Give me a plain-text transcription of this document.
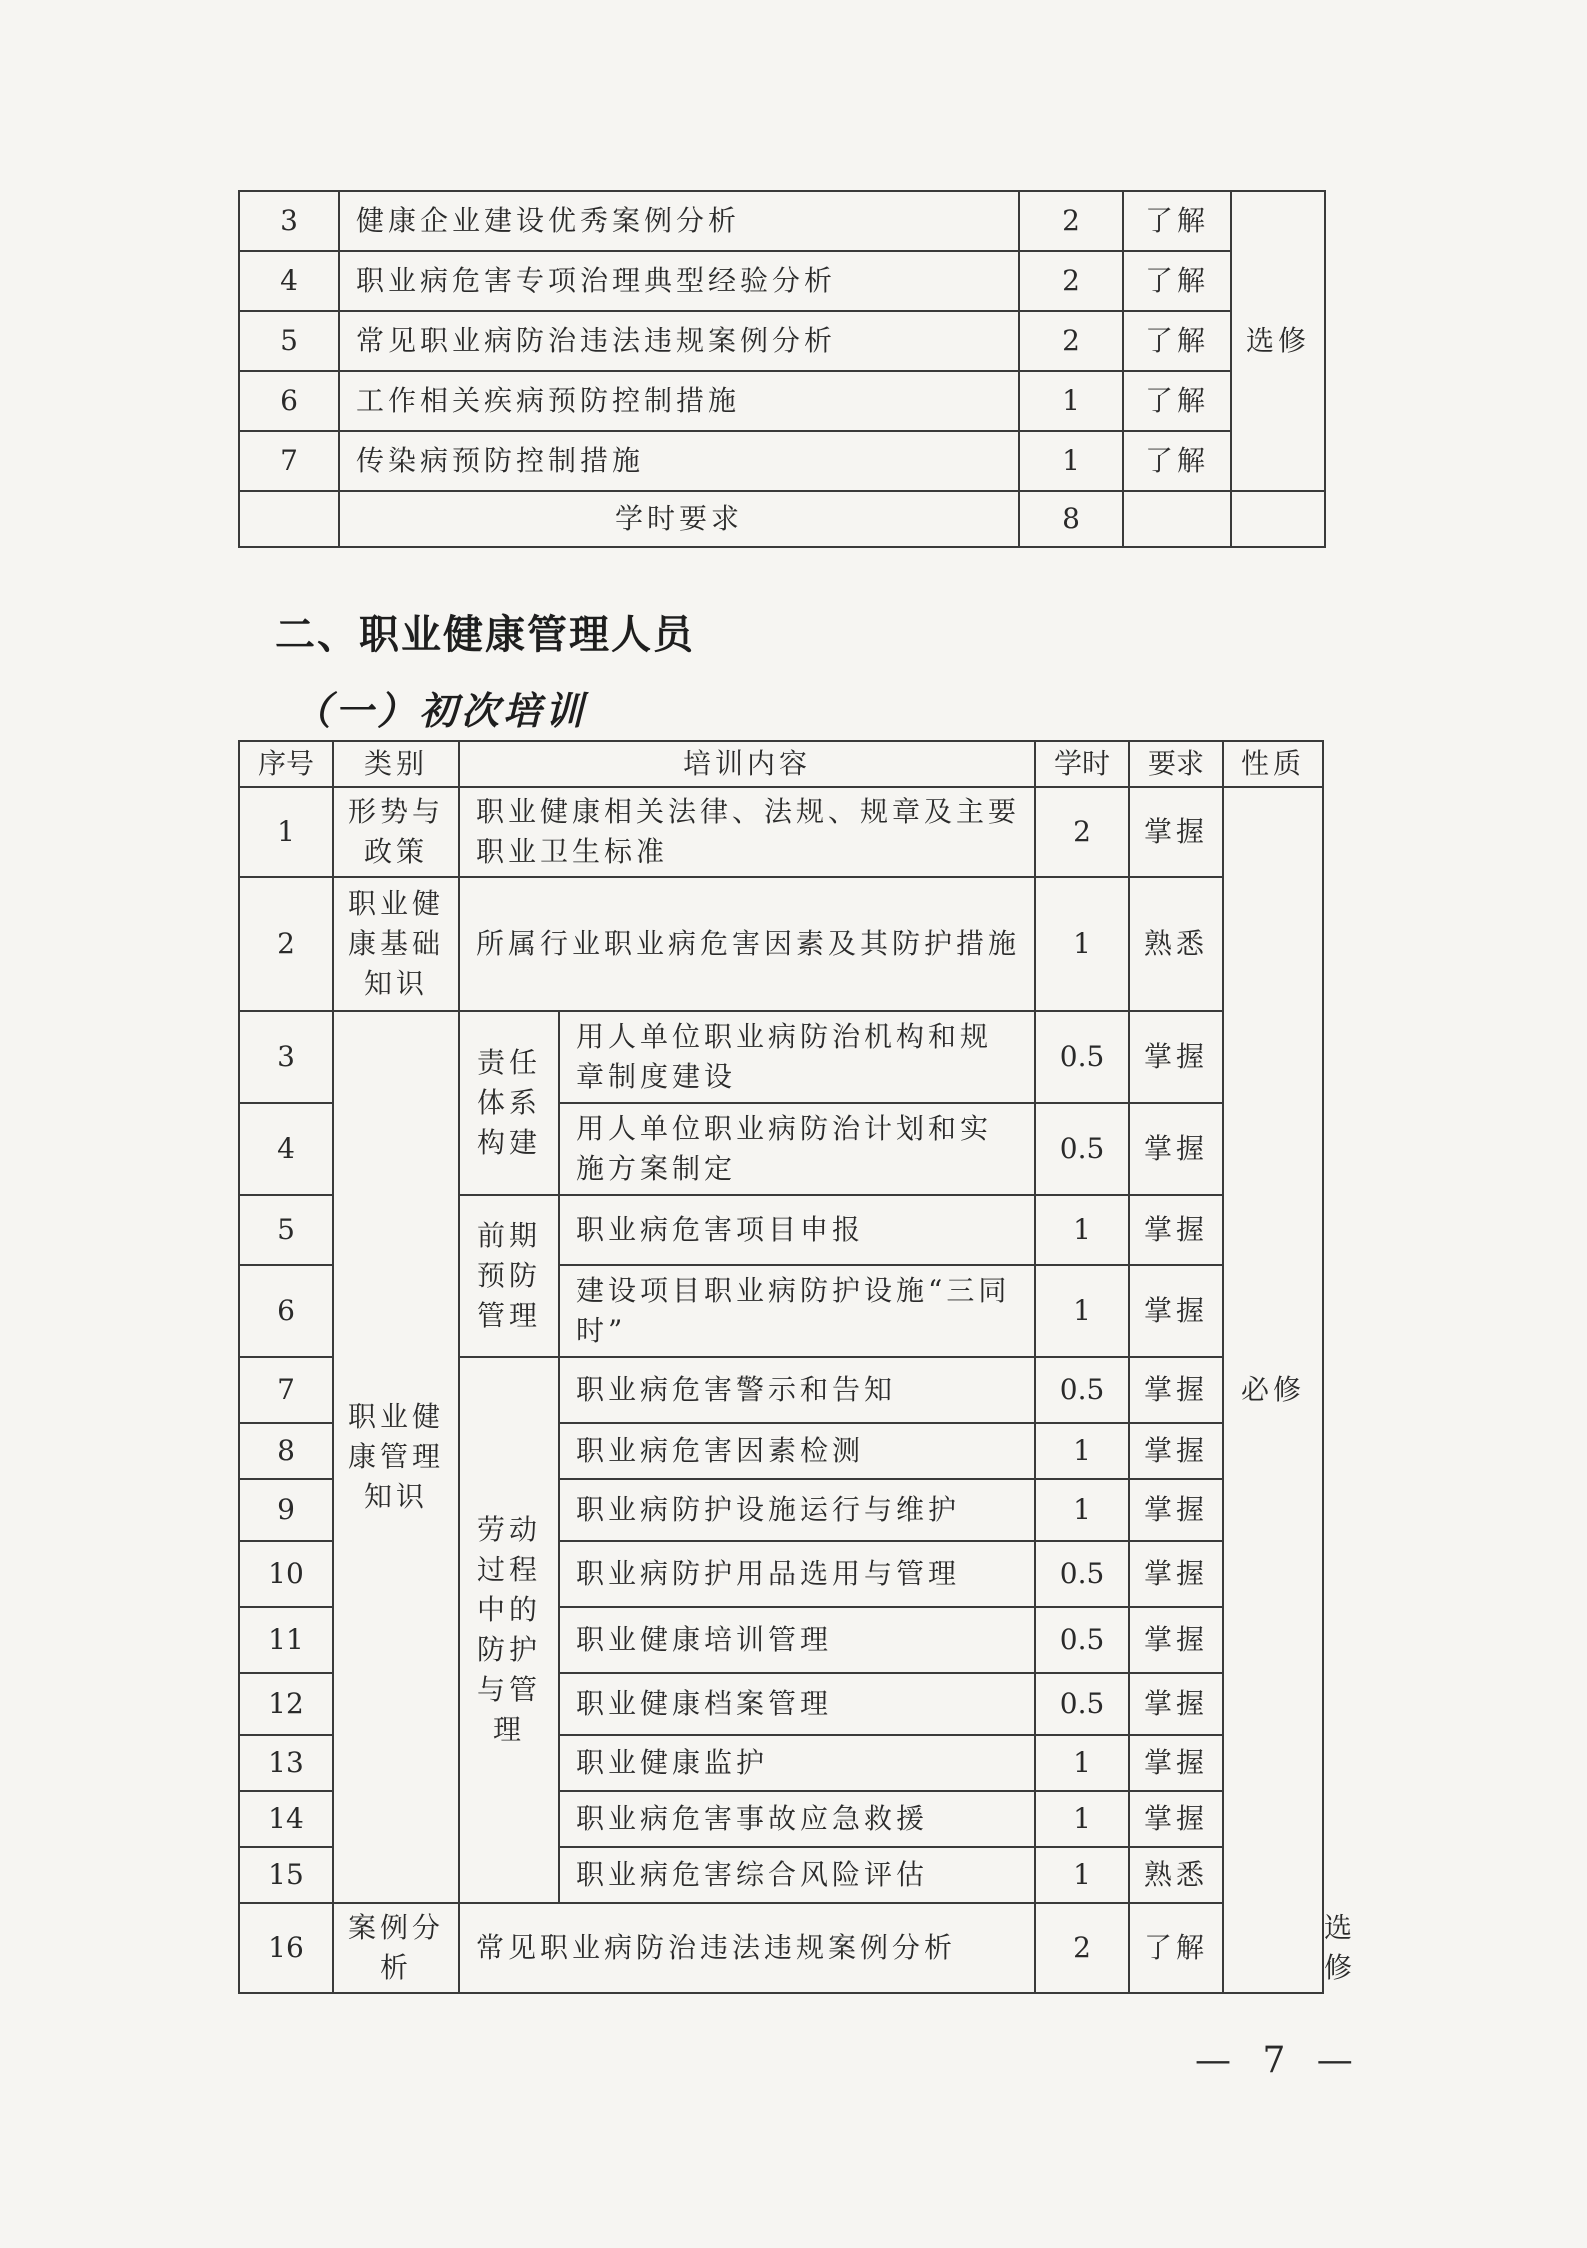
3	健康企业建设优秀案例分析	2	了解	选修
4	职业病危害专项治理典型经验分析	2	了解	
5	常见职业病防治违法违规案例分析	2	了解	
6	工作相关疾病预防控制措施	1	了解	
7	传染病预防控制措施	1	了解	
	学时要求	8		
二、职业健康管理人员
（一）初次培训
序号	类别	培训内容		学时	要求	性质	
1	形势与政策	职业健康相关法律、法规、规章及主要职业卫生标准		2	掌握	必修	
2	职业健康基础知识	所属行业职业病危害因素及其防护措施		1	熟悉		
3	职业健康管理知识	责任体系构建	用人单位职业病防治机构和规章制度建设	0.5	掌握		
4			用人单位职业病防治计划和实施方案制定	0.5	掌握		
5		前期预防管理	职业病危害项目申报	1	掌握		
6			建设项目职业病防护设施“三同时”	1	掌握		
7		劳动过程中的防护与管理	职业病危害警示和告知	0.5	掌握		
8			职业病危害因素检测	1	掌握		
9			职业病防护设施运行与维护	1	掌握		
10			职业病防护用品选用与管理	0.5	掌握		
11			职业健康培训管理	0.5	掌握		
12			职业健康档案管理	0.5	掌握		
13			职业健康监护	1	掌握		
14			职业病危害事故应急救援	1	掌握		
15			职业病危害综合风险评估	1	熟悉		
16	案例分析	常见职业病防治违法违规案例分析		2	了解		选修
— 7 —
